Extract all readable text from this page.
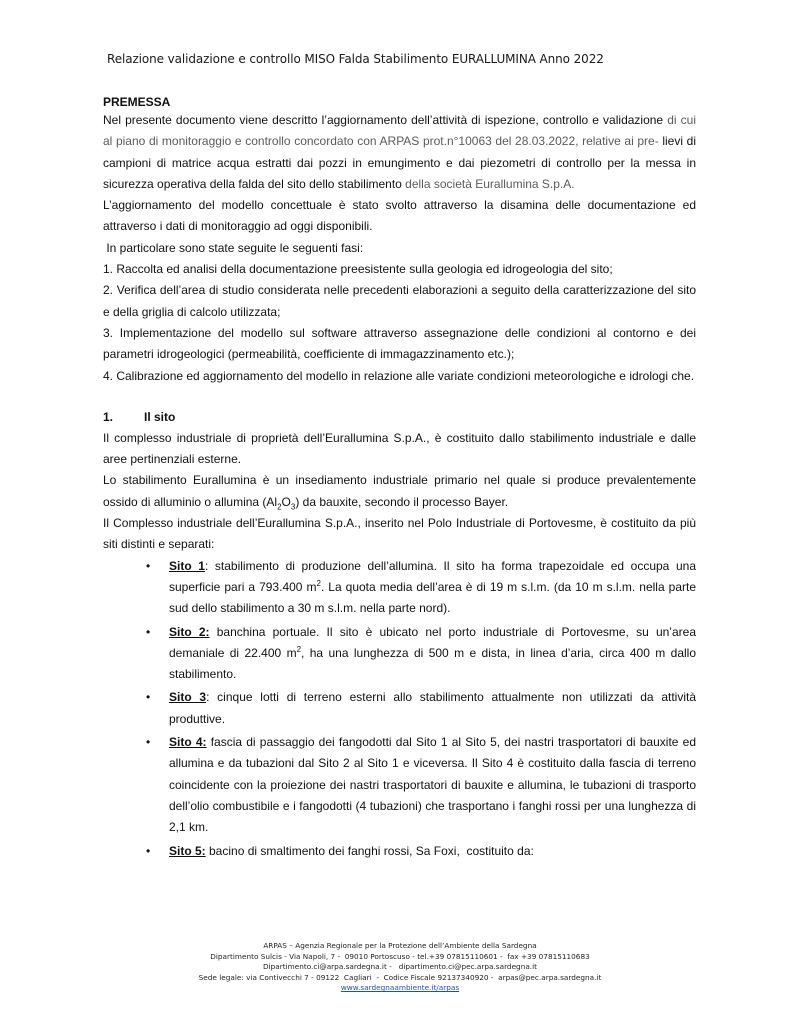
Relazione validazione e controllo MISO Falda Stabilimento EURALLUMINA Anno 2022

PREMESSA

Nel presente documento viene descritto l’aggiornamento dell’attività di ispezione, controllo e validazione di cui al piano di monitoraggio e controllo concordato con ARPAS prot.n°10063 del 28.03.2022, relative ai pre- lievi di campioni di matrice acqua estratti dai pozzi in emungimento e dai piezometri di controllo per la messa in sicurezza operativa della falda del sito dello stabilimento della società Eurallumina S.p.A.

L’aggiornamento del modello concettuale è stato svolto attraverso la disamina delle documentazione ed attraverso i dati di monitoraggio ad oggi disponibili.

In particolare sono state seguite le seguenti fasi:

1. Raccolta ed analisi della documentazione preesistente sulla geologia ed idrogeologia del sito;

2. Verifica dell’area di studio considerata nelle precedenti elaborazioni a seguito della caratterizzazione del sito e della griglia di calcolo utilizzata;

3. Implementazione del modello sul software attraverso assegnazione delle condizioni al contorno e dei parametri idrogeologici (permeabilità, coefficiente di immagazzinamento etc.);

4. Calibrazione ed aggiornamento del modello in relazione alle variate condizioni meteorologiche e idrologi che.

1.	Il sito

Il complesso industriale di proprietà dell’Eurallumina S.p.A., è costituito dallo stabilimento industriale e dalle aree pertinenziali esterne.

Lo stabilimento Eurallumina è un insediamento industriale primario nel quale si produce prevalentemente ossido di alluminio o allumina $(Al_2O_3)$ da bauxite, secondo il processo Bayer.

Il Complesso industriale dell’Eurallumina S.p.A., inserito nel Polo Industriale di Portovesme, è costituito da più siti distinti e separati:

• Sito 1: stabilimento di produzione dell’allumina. Il sito ha forma trapezoidale ed occupa una superficie pari a 793.400 $m^2$. La quota media dell’area è di 19 m s.l.m. (da 10 m s.l.m. nella parte sud dello stabilimento a 30 m s.l.m. nella parte nord).
• Sito 2: banchina portuale. Il sito è ubicato nel porto industriale di Portovesme, su un’area demaniale di 22.400 $m^2$, ha una lunghezza di 500 m e dista, in linea d’aria, circa 400 m dallo stabilimento.
• Sito 3: cinque lotti di terreno esterni allo stabilimento attualmente non utilizzati da attività produttive.
• Sito 4: fascia di passaggio dei fangodotti dal Sito 1 al Sito 5, dei nastri trasportatori di bauxite ed allumina e da tubazioni dal Sito 2 al Sito 1 e viceversa. Il Sito 4 è costituito dalla fascia di terreno coincidente con la proiezione dei nastri trasportatori di bauxite e allumina, le tubazioni di trasporto dell’olio combustibile e i fangodotti (4 tubazioni) che trasportano i fanghi rossi per una lunghezza di 2,1 km.
• Sito 5: bacino di smaltimento dei fanghi rossi, Sa Foxi,  costituito da:
ARPAS – Agenzia Regionale per la Protezione dell’Ambiente della Sardegna
Dipartimento Sulcis - Via Napoli, 7 -  09010 Portoscuso - tel.+39 07815110601 -  fax +39 07815110683
Dipartimento.ci@arpa.sardegna.it -   dipartimento.ci@pec.arpa.sardegna.it
Sede legale: via Contivecchi 7 - 09122  Cagliari  -  Codice Fiscale 92137340920 -  arpas@pec.arpa.sardegna.it
www.sardegnaambiente.it/arpas
